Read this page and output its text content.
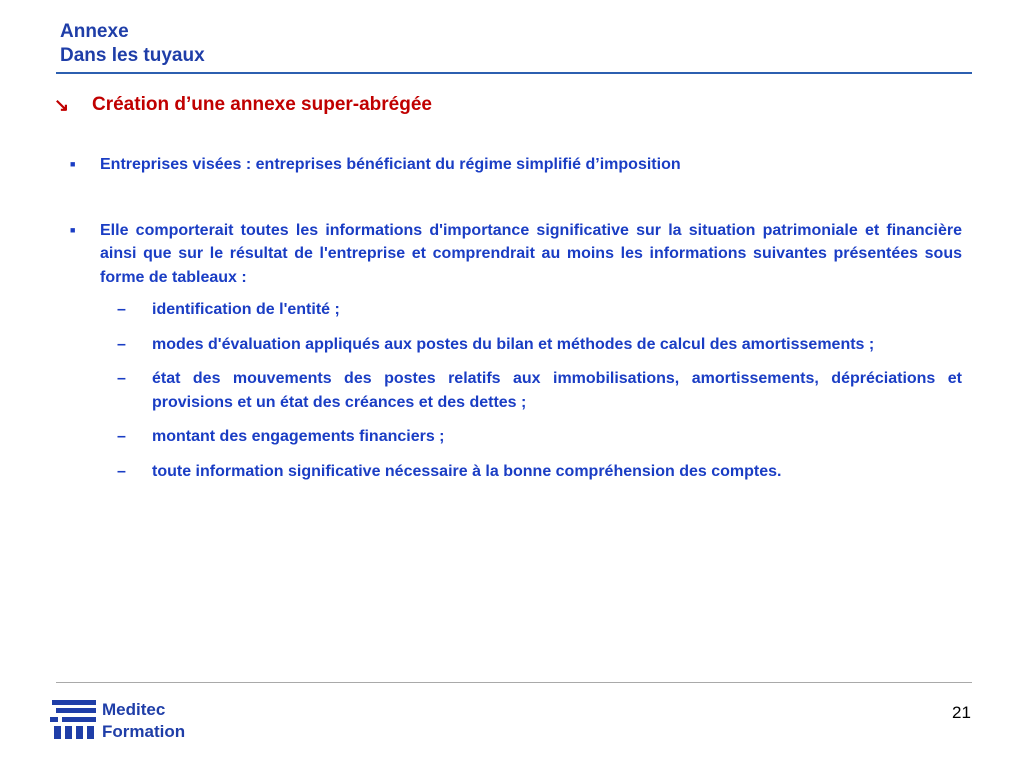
Annexe
Dans les tuyaux
↘	Création d’une annexe super-abrégée
■	Entreprises visées : entreprises bénéficiant du régime simplifié d’imposition
■	Elle comporterait toutes les informations d'importance significative sur la situation patrimoniale et financière ainsi que sur le résultat de l'entreprise et comprendrait au moins les informations suivantes présentées sous forme de tableaux :
–	identification de l'entité ;
–	modes d'évaluation appliqués aux postes du bilan et méthodes de calcul des amortissements ;
–	état des mouvements des postes relatifs aux immobilisations, amortissements, dépréciations et provisions et un état des créances et des dettes ;
–	montant des engagements financiers ;
–	toute information significative nécessaire à la bonne compréhension des comptes.
Meditec
Formation
21
